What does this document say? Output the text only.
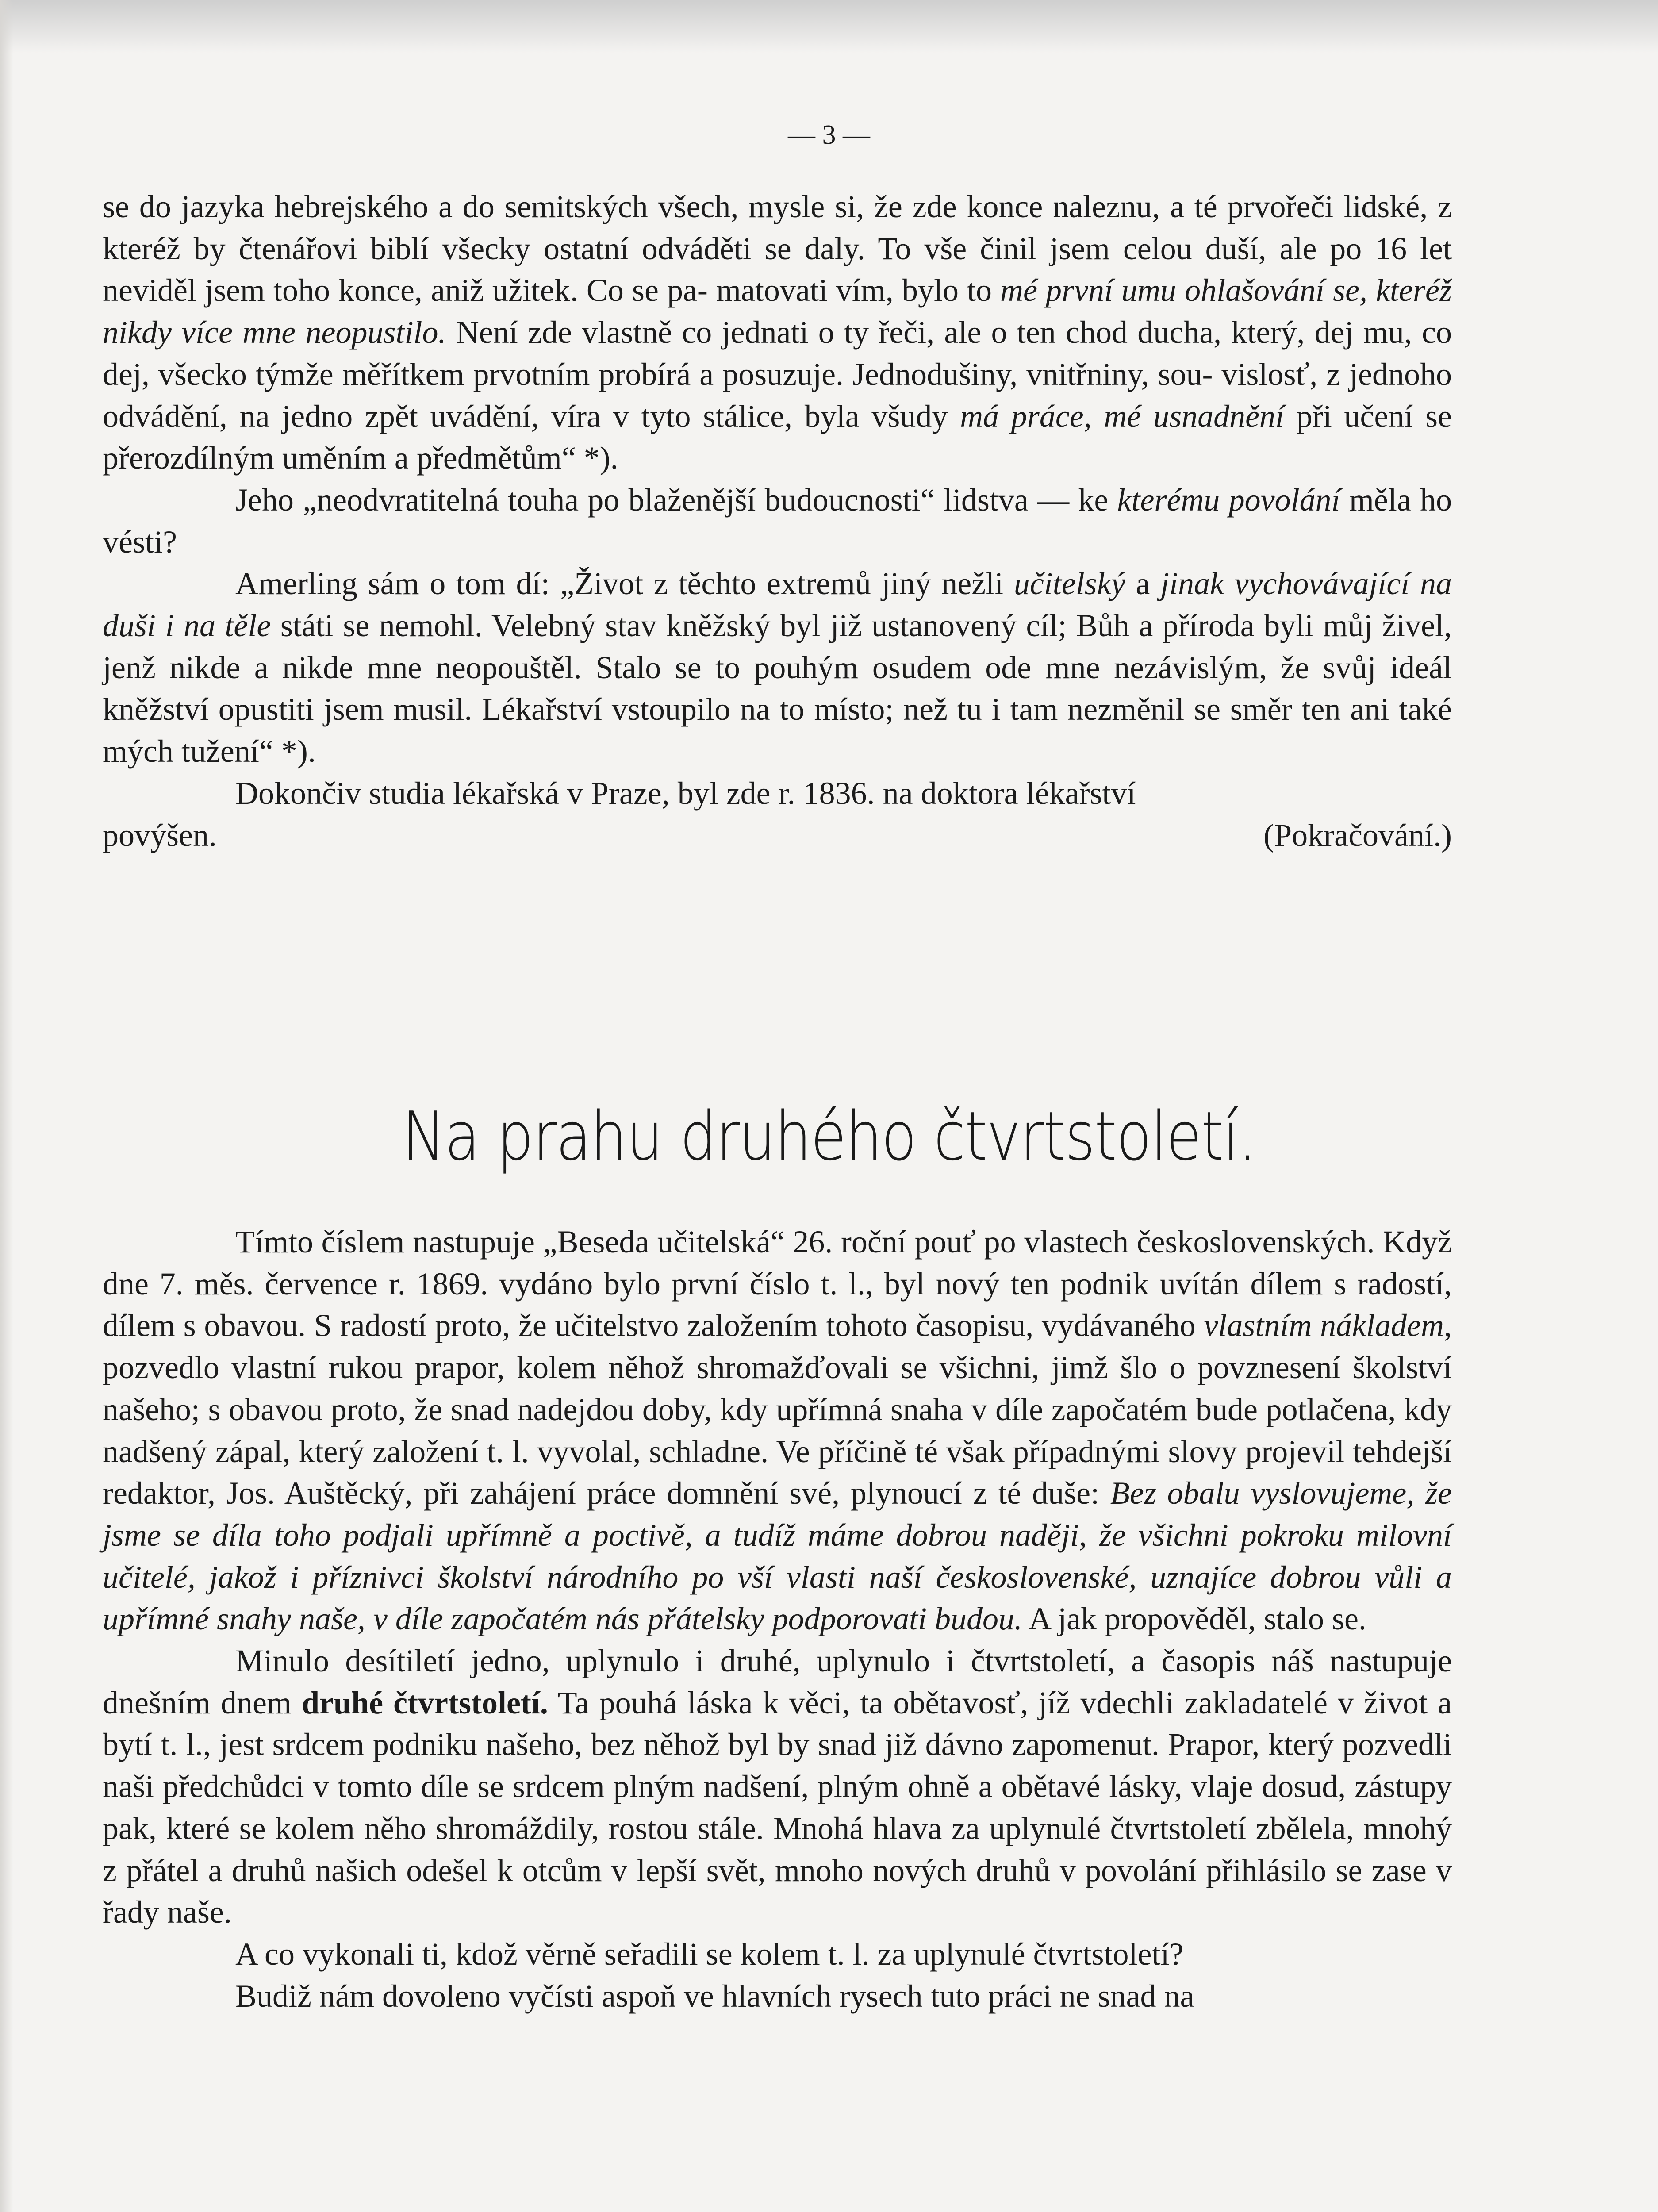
— 3 —

se do jazyka hebrejského a do semitských všech, mysle si, že zde konce naleznu, a té prvořeči lidské, z kteréž by čtenářovi biblí všecky ostatní odváděti se daly. To vše činil jsem celou duší, ale po 16 let neviděl jsem toho konce, aniž užitek. Co se pa- matovati vím, bylo to mé první umu ohlašování se, kteréž nikdy více mne neopustilo. Není zde vlastně co jednati o ty řeči, ale o ten chod ducha, který, dej mu, co dej, všecko týmže měřítkem prvotním probírá a posuzuje. Jednodušiny, vnitřniny, sou- vislosť, z jednoho odvádění, na jedno zpět uvádění, víra v tyto stálice, byla všudy má práce, mé usnadnění při učení se přerozdílným uměním a předmětům“ *).

Jeho „neodvratitelná touha po blaženější budoucnosti“ lidstva — ke kterému povolání měla ho vésti?

Amerling sám o tom dí: „Život z těchto extremů jiný nežli učitelský a jinak vychovávající na duši i na těle státi se nemohl. Velebný stav kněžský byl již ustanovený cíl; Bůh a příroda byli můj živel, jenž nikde a nikde mne neopouštěl. Stalo se to pouhým osudem ode mne nezávislým, že svůj ideál kněžství opustiti jsem musil. Lékařství vstoupilo na to místo; než tu i tam nezměnil se směr ten ani také mých tužení“ *).

Dokončiv studia lékařská v Praze, byl zde r. 1836. na doktora lékařství

povýšen.	(Pokračování.)
Na prahu druhého čtvrtstoletí.

Tímto číslem nastupuje „Beseda učitelská“ 26. roční pouť po vlastech československých. Když dne 7. měs. července r. 1869. vydáno bylo první číslo t. l., byl nový ten podnik uvítán dílem s radostí, dílem s obavou. S radostí proto, že učitelstvo založením tohoto časopisu, vydávaného vlastním nákladem, pozvedlo vlastní rukou prapor, kolem něhož shromažďovali se všichni, jimž šlo o povznesení školství našeho; s obavou proto, že snad nadejdou doby, kdy upřímná snaha v díle započatém bude potlačena, kdy nadšený zápal, který založení t. l. vyvolal, schladne. Ve příčině té však případnými slovy projevil tehdejší redaktor, Jos. Auštěcký, při zahájení práce domnění své, plynoucí z té duše: Bez obalu vyslovujeme, že jsme se díla toho podjali upřímně a poctivě, a tudíž máme dobrou naději, že všichni pokroku milovní učitelé, jakož i příznivci školství národního po vší vlasti naší československé, uznajíce dobrou vůli a upřímné snahy naše, v díle započatém nás přátelsky podporovati budou. A jak propověděl, stalo se.

Minulo desítiletí jedno, uplynulo i druhé, uplynulo i čtvrtstoletí, a časopis náš nastupuje dnešním dnem druhé čtvrtstoletí. Ta pouhá láska k věci, ta obětavosť, jíž vdechli zakladatelé v život a bytí t. l., jest srdcem podniku našeho, bez něhož byl by snad již dávno zapomenut. Prapor, který pozvedli naši předchůdci v tomto díle se srdcem plným nadšení, plným ohně a obětavé lásky, vlaje dosud, zástupy pak, které se kolem něho shromáždily, rostou stále. Mnohá hlava za uplynulé čtvrtstoletí zbělela, mnohý z přátel a druhů našich odešel k otcům v lepší svět, mnoho nových druhů v povolání přihlásilo se zase v řady naše.

A co vykonali ti, kdož věrně seřadili se kolem t. l. za uplynulé čtvrtstoletí?

Budiž nám dovoleno vyčísti aspoň ve hlavních rysech tuto práci ne snad na
